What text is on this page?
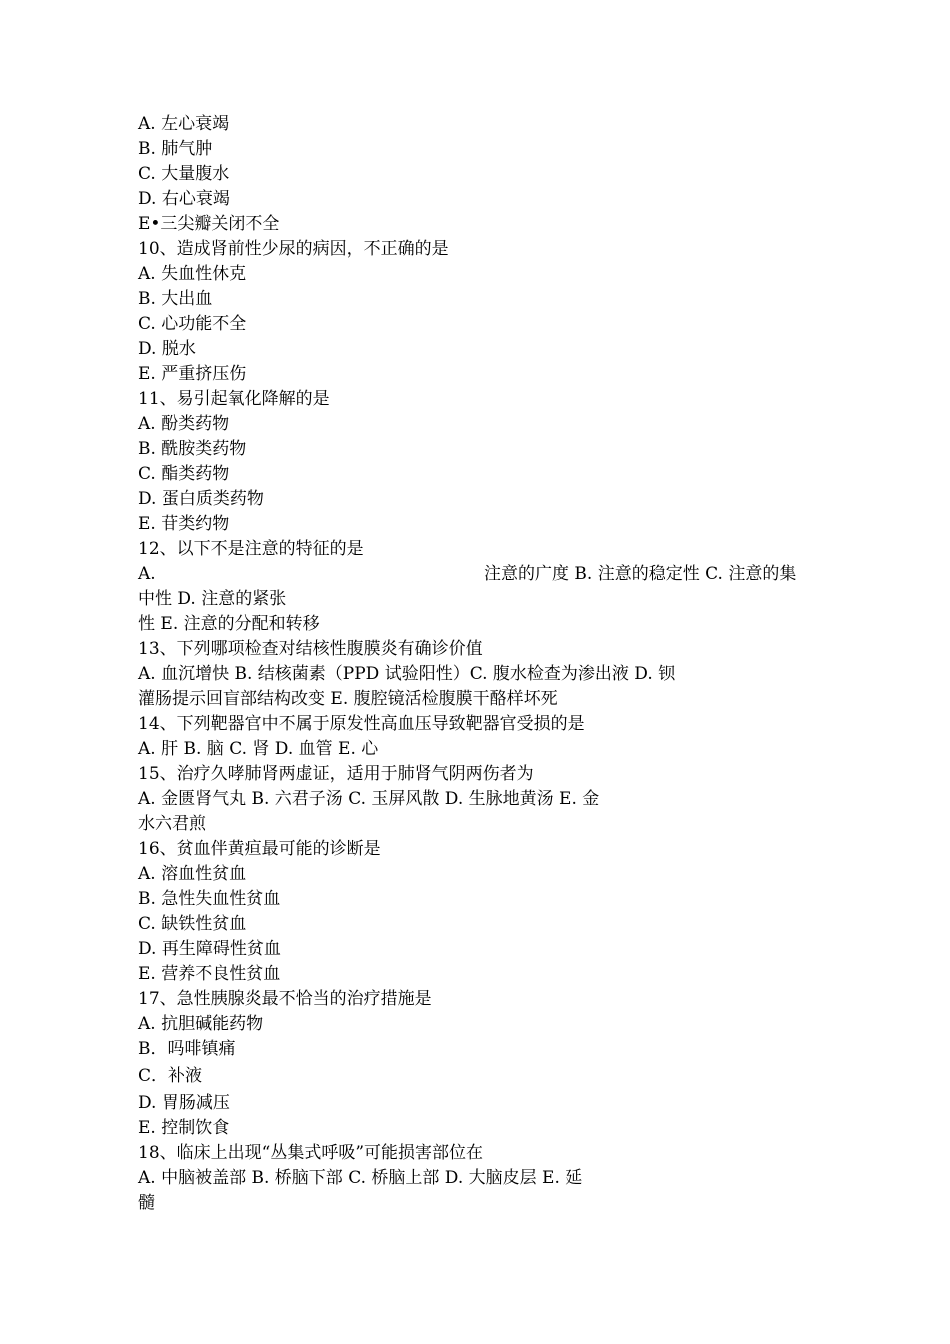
A. 左心衰竭
B. 肺气肿
C. 大量腹水
D. 右心衰竭
E•三尖瓣关闭不全
10、造成肾前性少尿的病因，不正确的是
A. 失血性休克
B. 大出血
C. 心功能不全
D. 脱水
E. 严重挤压伤
11、易引起氧化降解的是
A. 酚类药物
B. 酰胺类药物
C. 酯类药物
D. 蛋白质类药物
E. 苷类约物
12、以下不是注意的特征的是
A.	注意的广度 B. 注意的稳定性 C. 注意的集
中性 D. 注意的紧张
性 E. 注意的分配和转移
13、下列哪项检查对结核性腹膜炎有确诊价值
A. 血沉增快 B. 结核菌素（PPD 试验阳性）C. 腹水检查为渗出液 D. 钡
灌肠提示回盲部结构改变 E. 腹腔镜活检腹膜干酪样坏死
14、下列靶器官中不属于原发性高血压导致靶器官受损的是
A. 肝 B. 脑 C. 肾 D. 血管 E. 心
15、治疗久哮肺肾两虚证，适用于肺肾气阴两伤者为
A. 金匮肾气丸 B. 六君子汤 C. 玉屏风散 D. 生脉地黄汤 E. 金
水六君煎
16、贫血伴黄疸最可能的诊断是
A. 溶血性贫血
B. 急性失血性贫血
C. 缺铁性贫血
D. 再生障碍性贫血
E. 营养不良性贫血
17、急性胰腺炎最不恰当的治疗措施是
A. 抗胆碱能药物
B．吗啡镇痛
C．补液
D. 胃肠减压
E. 控制饮食
18、临床上出现“丛集式呼吸”可能损害部位在
A. 中脑被盖部 B. 桥脑下部 C. 桥脑上部 D. 大脑皮层 E. 延
髓
